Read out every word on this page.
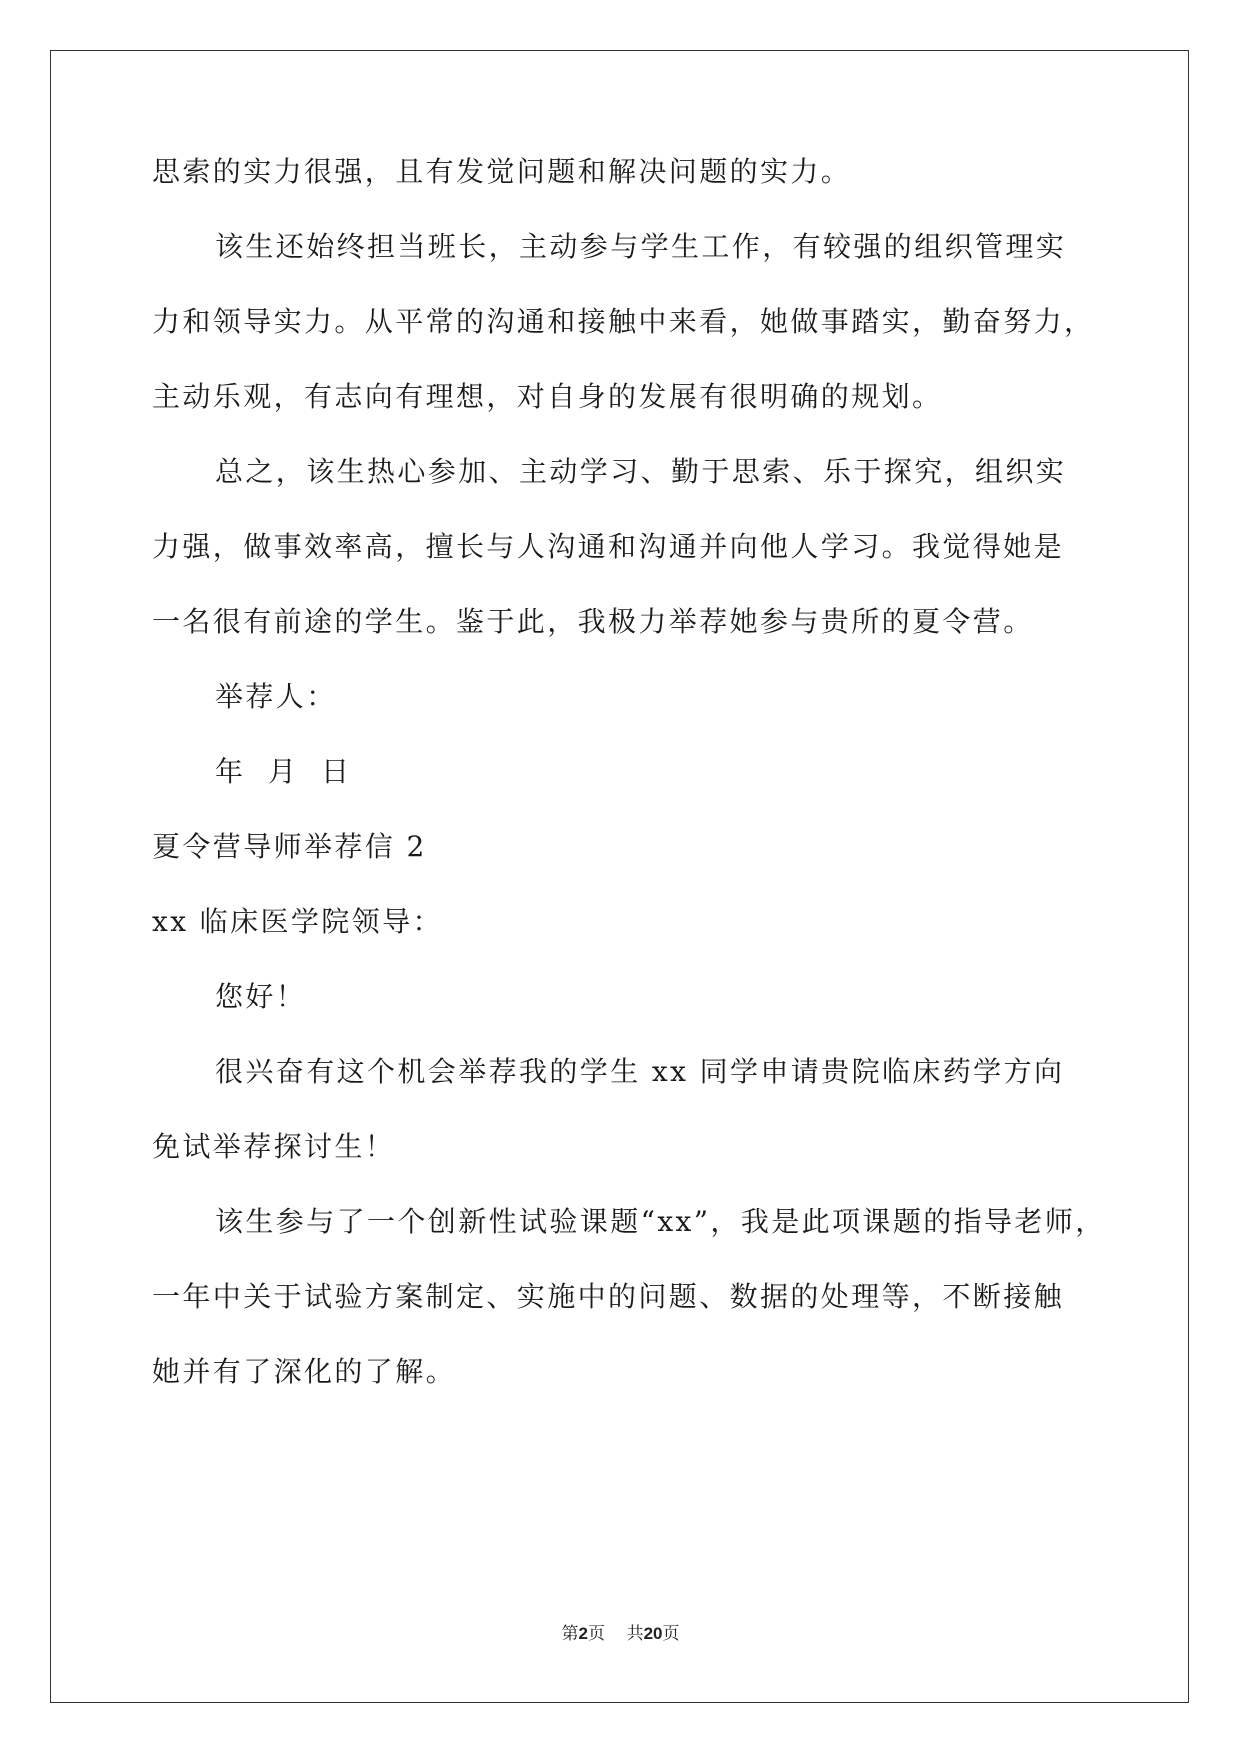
思索的实力很强，且有发觉问题和解决问题的实力。
该生还始终担当班长，主动参与学生工作，有较强的组织管理实
力和领导实力。从平常的沟通和接触中来看，她做事踏实，勤奋努力，
主动乐观，有志向有理想，对自身的发展有很明确的规划。
总之，该生热心参加、主动学习、勤于思索、乐于探究，组织实
力强，做事效率高，擅长与人沟通和沟通并向他人学习。我觉得她是
一名很有前途的学生。鉴于此，我极力举荐她参与贵所的夏令营。
举荐人：
年  月  日
夏令营导师举荐信 2
xx 临床医学院领导：
您好！
很兴奋有这个机会举荐我的学生 xx 同学申请贵院临床药学方向
免试举荐探讨生！
该生参与了一个创新性试验课题“xx”，我是此项课题的指导老师，
一年中关于试验方案制定、实施中的问题、数据的处理等，不断接触
她并有了深化的了解。
第2页 共20页
